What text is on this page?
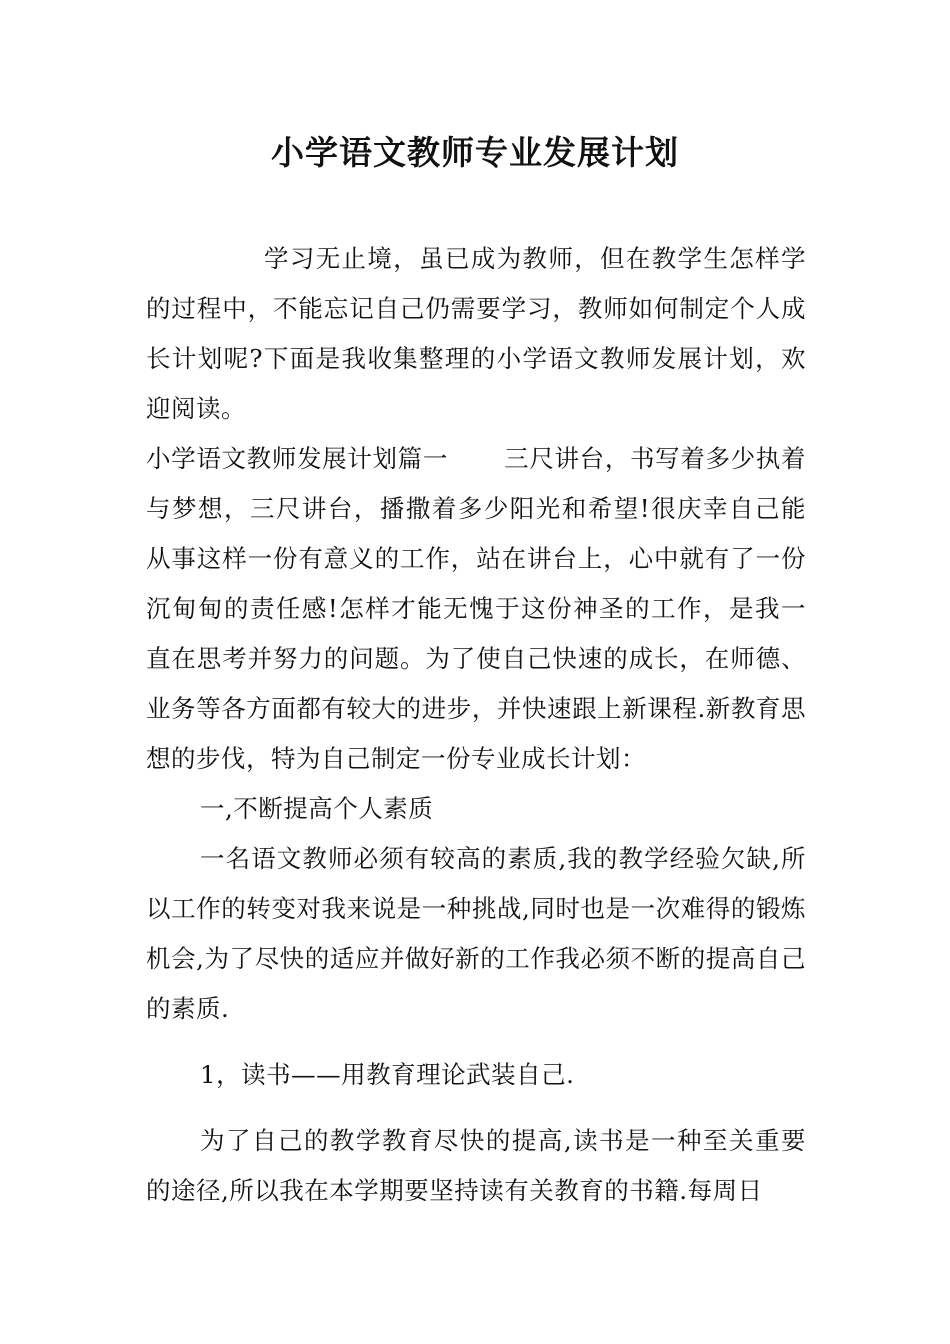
小学语文教师专业发展计划

学习无止境，虽已成为教师，但在教学生怎样学的过程中，不能忘记自己仍需要学习，教师如何制定个人成长计划呢?下面是我收集整理的小学语文教师发展计划，欢迎阅读。

小学语文教师发展计划篇一 三尺讲台，书写着多少执着与梦想，三尺讲台，播撒着多少阳光和希望!很庆幸自己能从事这样一份有意义的工作，站在讲台上，心中就有了一份沉甸甸的责任感!怎样才能无愧于这份神圣的工作，是我一直在思考并努力的问题。为了使自己快速的成长，在师德、业务等各方面都有较大的进步，并快速跟上新课程.新教育思想的步伐，特为自己制定一份专业成长计划：

一,不断提高个人素质

一名语文教师必须有较高的素质,我的教学经验欠缺,所以工作的转变对我来说是一种挑战,同时也是一次难得的锻炼机会,为了尽快的适应并做好新的工作我必须不断的提高自己的素质.

1，读书——用教育理论武装自己.

为了自己的教学教育尽快的提高,读书是一种至关重要的途径,所以我在本学期要坚持读有关教育的书籍.每周日
